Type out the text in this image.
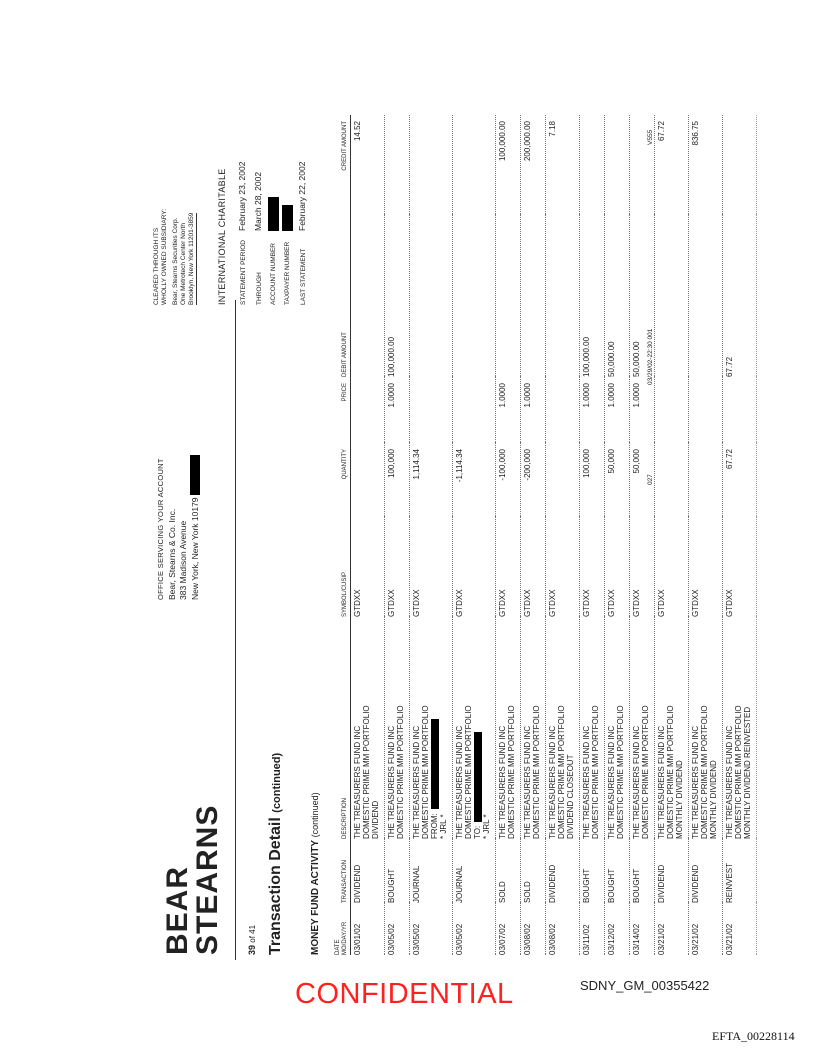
BEAR
STEARNS	39 of 41
OFFICE SERVICING YOUR ACCOUNT Bear, Stearns & Co. Inc. 383 Madison Avenue New York, New York 10179
CLEARED THROUGH ITS WHOLLY OWNED SUBSIDIARY: Bear, Stearns Securities Corp. One Metrotech Center North Brooklyn, New York 11201-3859 INTERNATIONAL CHARITABLE	STATEMENT PERIODFebruary 23, 2002
THROUGHMarch 28, 2002
ACCOUNT NUMBER	TAXPAYER NUMBER	LAST STATEMENTFebruary 22, 2002
Transaction Detail (continued)
MONEY FUND ACTIVITY (continued)
DATE MO/DAY/YR	TRANSACTION	DESCRIPTION	SYMBOL/CUSIP	QUANTITY	PRICE	DEBIT AMOUNT	CREDIT AMOUNT
03/01/02	DIVIDEND	THE TREASURERS FUND INC DOMESTIC PRIME MM PORTFOLIO DIVIDEND	GTDXX				14.52
03/05/02	BOUGHT	THE TREASURERS FUND INC DOMESTIC PRIME MM PORTFOLIO	GTDXX	100,000	1.0000	100,000.00	
03/05/02	JOURNAL	THE TREASURERS FUND INC DOMESTIC PRIME MM PORTFOLIO FROM: * JRL *	GTDXX	1,114.34			
03/05/02	JOURNAL	THE TREASURERS FUND INC DOMESTIC PRIME MM PORTFOLIO TO: * JRL *	GTDXX	-1,114.34			
03/07/02	SOLD	THE TREASURERS FUND INC DOMESTIC PRIME MM PORTFOLIO	GTDXX	-100,000	1.0000		100,000.00
03/08/02	SOLD	THE TREASURERS FUND INC DOMESTIC PRIME MM PORTFOLIO	GTDXX	-200,000	1.0000		200,000.00
03/08/02	DIVIDEND	THE TREASURERS FUND INC DOMESTIC PRIME MM PORTFOLIO DIVIDEND CLOSEOUT	GTDXX				7.18
03/11/02	BOUGHT	THE TREASURERS FUND INC DOMESTIC PRIME MM PORTFOLIO	GTDXX	100,000	1.0000	100,000.00	
03/12/02	BOUGHT	THE TREASURERS FUND INC DOMESTIC PRIME MM PORTFOLIO	GTDXX	50,000	1.0000	50,000.00	
03/14/02	BOUGHT	THE TREASURERS FUND INC DOMESTIC PRIME MM PORTFOLIO	GTDXX	50,000	1.0000	50,000.00	
03/21/02	DIVIDEND	THE TREASURERS FUND INC DOMESTIC PRIME MM PORTFOLIO MONTHLY DIVIDEND	GTDXX				67.72
03/21/02	DIVIDEND	THE TREASURERS FUND INC DOMESTIC PRIME MM PORTFOLIO MONTHLY DIVIDEND	GTDXX				836.75
03/21/02	REINVEST	THE TREASURERS FUND INC DOMESTIC PRIME MM PORTFOLIO MONTHLY DIVIDEND REINVESTED	GTDXX	67.72		67.72	
027
03/29/02-22:30 001
V555
CONFIDENTIAL	SDNY_GM_00355422
EFTA_00228114
